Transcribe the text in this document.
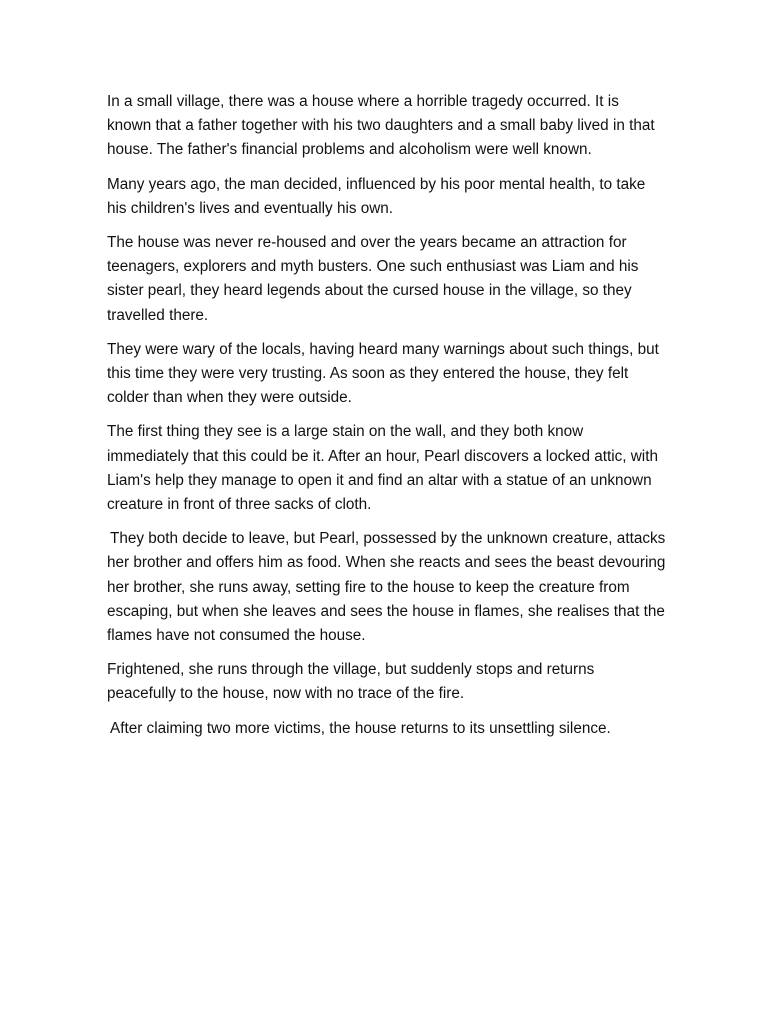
In a small village, there was a house where a horrible tragedy occurred. It is known that a father together with his two daughters and a small baby lived in that house. The father's financial problems and alcoholism were well known.

Many years ago, the man decided, influenced by his poor mental health, to take his children's lives and eventually his own.

The house was never re-housed and over the years became an attraction for teenagers, explorers and myth busters. One such enthusiast was Liam and his sister pearl, they heard legends about the cursed house in the village, so they travelled there.

They were wary of the locals, having heard many warnings about such things, but this time they were very trusting. As soon as they entered the house, they felt colder than when they were outside.

The first thing they see is a large stain on the wall, and they both know immediately that this could be it. After an hour, Pearl discovers a locked attic, with Liam's help they manage to open it and find an altar with a statue of an unknown creature in front of three sacks of cloth.

They both decide to leave, but Pearl, possessed by the unknown creature, attacks her brother and offers him as food. When she reacts and sees the beast devouring her brother, she runs away, setting fire to the house to keep the creature from escaping, but when she leaves and sees the house in flames, she realises that the flames have not consumed the house.

Frightened, she runs through the village, but suddenly stops and returns peacefully to the house, now with no trace of the fire.

After claiming two more victims, the house returns to its unsettling silence.
